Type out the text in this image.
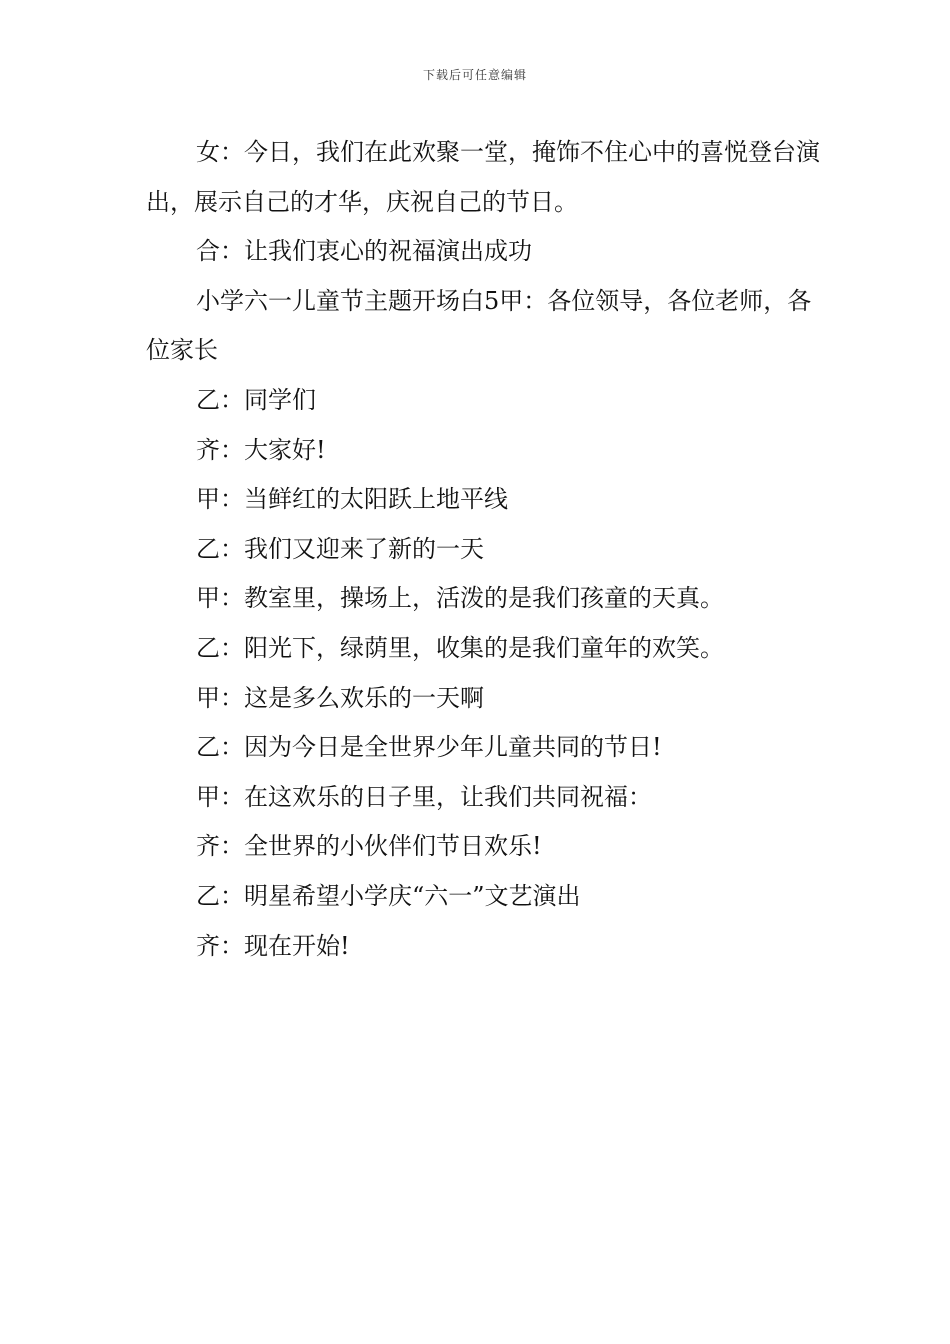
下载后可任意编辑

女：今日，我们在此欢聚一堂，掩饰不住心中的喜悦登台演出，展示自己的才华，庆祝自己的节日。

合：让我们衷心的祝福演出成功

小学六一儿童节主题开场白5甲：各位领导，各位老师，各位家长

乙：同学们

齐：大家好!

甲：当鲜红的太阳跃上地平线

乙：我们又迎来了新的一天

甲：教室里，操场上，活泼的是我们孩童的天真。

乙：阳光下，绿荫里，收集的是我们童年的欢笑。

甲：这是多么欢乐的一天啊

乙：因为今日是全世界少年儿童共同的节日!

甲：在这欢乐的日子里，让我们共同祝福：

齐：全世界的小伙伴们节日欢乐!

乙：明星希望小学庆“六一”文艺演出

齐：现在开始!
